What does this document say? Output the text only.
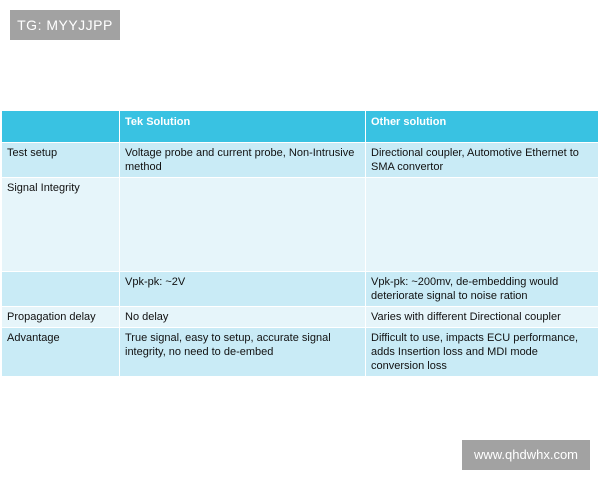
TG: MYYJJPP
	Tek Solution	Other solution
Test setup	Voltage probe and current probe, Non-Intrusive method	Directional coupler, Automotive Ethernet to SMA convertor
Signal Integrity		
	Vpk-pk: ~2V	Vpk-pk: ~200mv, de-embedding would deteriorate signal to noise ration
Propagation delay	No delay	Varies with different Directional coupler
Advantage	True signal, easy to setup, accurate signal integrity, no need to de-embed	Difficult to use, impacts ECU performance, adds Insertion loss and MDI mode conversion loss
www.qhdwhx.com
